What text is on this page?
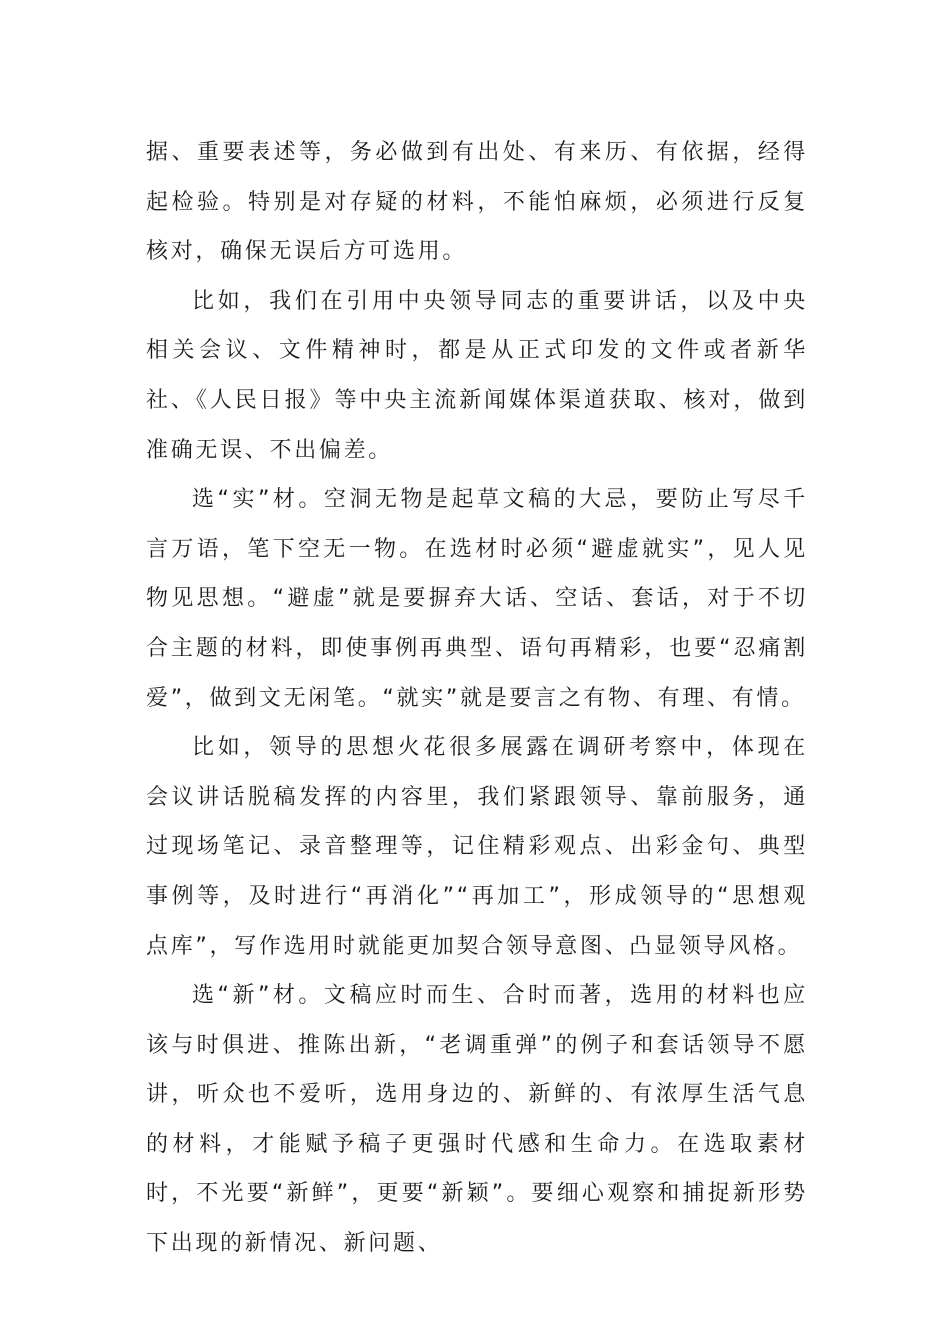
据、重要表述等，务必做到有出处、有来历、有依据，经得起检验。特别是对存疑的材料，不能怕麻烦，必须进行反复核对，确保无误后方可选用。

比如，我们在引用中央领导同志的重要讲话，以及中央相关会议、文件精神时，都是从正式印发的文件或者新华社、《人民日报》等中央主流新闻媒体渠道获取、核对，做到准确无误、不出偏差。

选“实”材。空洞无物是起草文稿的大忌，要防止写尽千言万语，笔下空无一物。在选材时必须“避虚就实”，见人见物见思想。“避虚”就是要摒弃大话、空话、套话，对于不切合主题的材料，即使事例再典型、语句再精彩，也要“忍痛割爱”，做到文无闲笔。“就实”就是要言之有物、有理、有情。

比如，领导的思想火花很多展露在调研考察中，体现在会议讲话脱稿发挥的内容里，我们紧跟领导、靠前服务，通过现场笔记、录音整理等，记住精彩观点、出彩金句、典型事例等，及时进行“再消化”“再加工”，形成领导的“思想观点库”，写作选用时就能更加契合领导意图、凸显领导风格。

选“新”材。文稿应时而生、合时而著，选用的材料也应该与时俱进、推陈出新，“老调重弹”的例子和套话领导不愿讲，听众也不爱听，选用身边的、新鲜的、有浓厚生活气息的材料，才能赋予稿子更强时代感和生命力。在选取素材时，不光要“新鲜”，更要“新颖”。要细心观察和捕捉新形势下出现的新情况、新问题、
